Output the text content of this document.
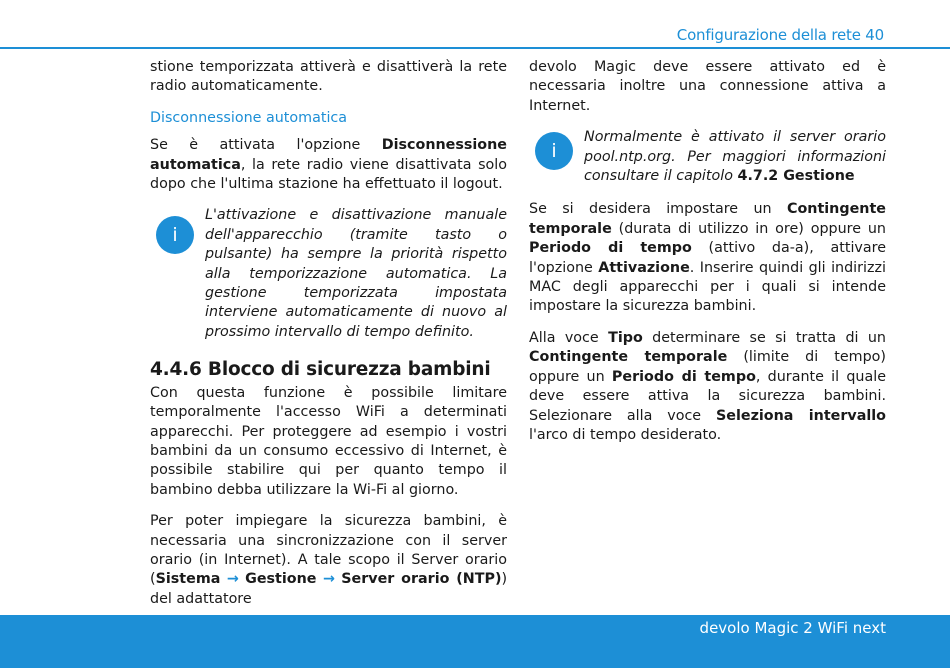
Configurazione della rete 40

stione temporizzata attiverà e disattiverà la rete radio automaticamente.

Disconnessione automatica

Se è attivata l'opzione Disconnessione automatica, la rete radio viene disattivata solo dopo che l'ultima stazione ha effettuato il logout.

i
L'attivazione e disattivazione manuale dell'apparecchio (tramite tasto o pulsante) ha sempre la priorità rispetto alla temporizzazione automatica. La gestione temporizzata impostata interviene automaticamente di nuovo al prossimo intervallo di tempo definito.
4.4.6 Blocco di sicurezza bambini

Con questa funzione è possibile limitare temporalmente l'accesso WiFi a determinati apparecchi. Per proteggere ad esempio i vostri bambini da un consumo eccessivo di Internet, è possibile stabilire qui per quanto tempo il bambino debba utilizzare la Wi-Fi al giorno.

Per poter impiegare la sicurezza bambini, è necessaria una sincronizzazione con il server orario (in Internet). A tale scopo il Server orario (Sistema → Gestione → Server orario (NTP)) del adattatore

devolo Magic deve essere attivato ed è necessaria inoltre una connessione attiva a Internet.

i
Normalmente è attivato il server orario pool.ntp.org. Per maggiori informazioni consultare il capitolo 4.7.2 Gestione

Se si desidera impostare un Contingente temporale (durata di utilizzo in ore) oppure un Periodo di tempo (attivo da-a), attivare l'opzione Attivazione. Inserire quindi gli indirizzi MAC degli apparecchi per i quali si intende impostare la sicurezza bambini.

Alla voce Tipo determinare se si tratta di un Contingente temporale (limite di tempo) oppure un Periodo di tempo, durante il quale deve essere attiva la sicurezza bambini. Selezionare alla voce Seleziona intervallo l'arco di tempo desiderato.

devolo Magic 2 WiFi next
